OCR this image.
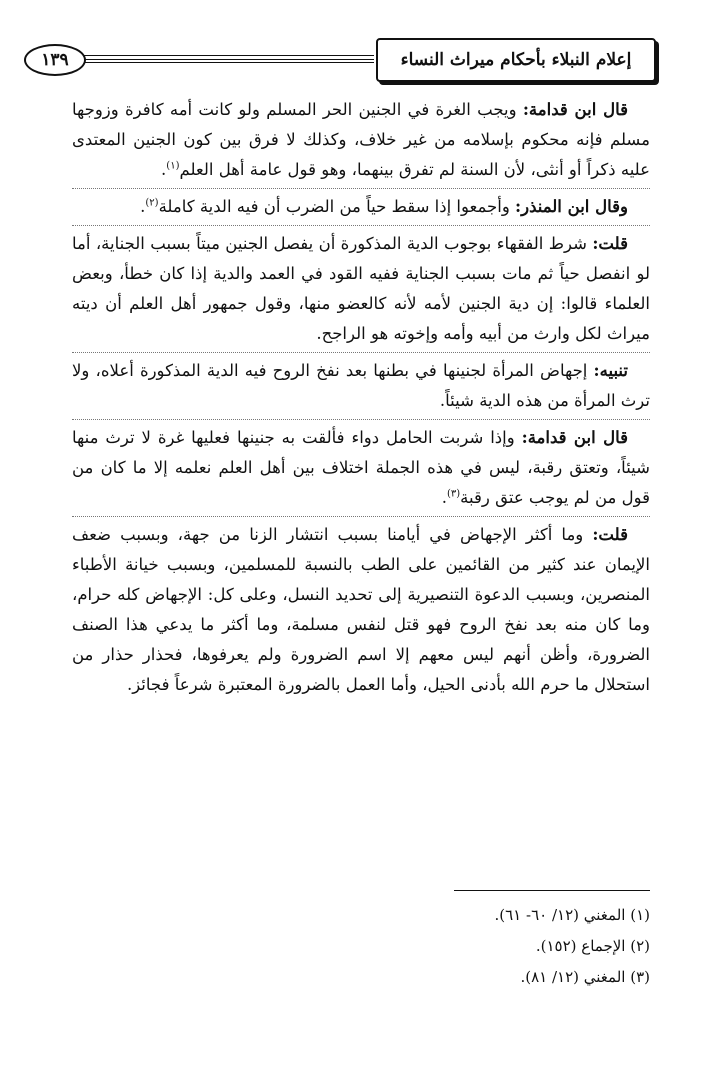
إعلام النبلاء بأحكام ميراث النساء
١٣٩

قال ابن قدامة: ويجب الغرة في الجنين الحر المسلم ولو كانت أمه كافرة وزوجها مسلم فإنه محكوم بإسلامه من غير خلاف، وكذلك لا فرق بين كون الجنين المعتدى عليه ذكراً أو أنثى، لأن السنة لم تفرق بينهما، وهو قول عامة أهل العلم$^{(١)}$.

وقال ابن المنذر: وأجمعوا إذا سقط حياً من الضرب أن فيه الدية كاملة$^{(٢)}$.

قلت: شرط الفقهاء بوجوب الدية المذكورة أن يفصل الجنين ميتاً بسبب الجناية، أما لو انفصل حياً ثم مات بسبب الجناية ففيه القود في العمد والدية إذا كان خطأ، وبعض العلماء قالوا: إن دية الجنين لأمه لأنه كالعضو منها، وقول جمهور أهل العلم أن ديته ميراث لكل وارث من أبيه وأمه وإخوته هو الراجح.

تنبيه: إجهاض المرأة لجنينها في بطنها بعد نفخ الروح فيه الدية المذكورة أعلاه، ولا ترث المرأة من هذه الدية شيئاً.

قال ابن قدامة: وإذا شربت الحامل دواء فألقت به جنينها فعليها غرة لا ترث منها شيئاً، وتعتق رقبة، ليس في هذه الجملة اختلاف بين أهل العلم نعلمه إلا ما كان من قول من لم يوجب عتق رقبة$^{(٣)}$.

قلت: وما أكثر الإجهاض في أيامنا بسبب انتشار الزنا من جهة، وبسبب ضعف الإيمان عند كثير من القائمين على الطب بالنسبة للمسلمين، وبسبب خيانة الأطباء المنصرين، وبسبب الدعوة التنصيرية إلى تحديد النسل، وعلى كل: الإجهاض كله حرام، وما كان منه بعد نفخ الروح فهو قتل لنفس مسلمة، وما أكثر ما يدعي هذا الصنف الضرورة، وأظن أنهم ليس معهم إلا اسم الضرورة ولم يعرفوها، فحذار حذار من استحلال ما حرم الله بأدنى الحيل، وأما العمل بالضرورة المعتبرة شرعاً فجائز.

(١) المغني (١٢/ ٦٠- ٦١).

(٢) الإجماع (١٥٢).

(٣) المغني (١٢/ ٨١).
